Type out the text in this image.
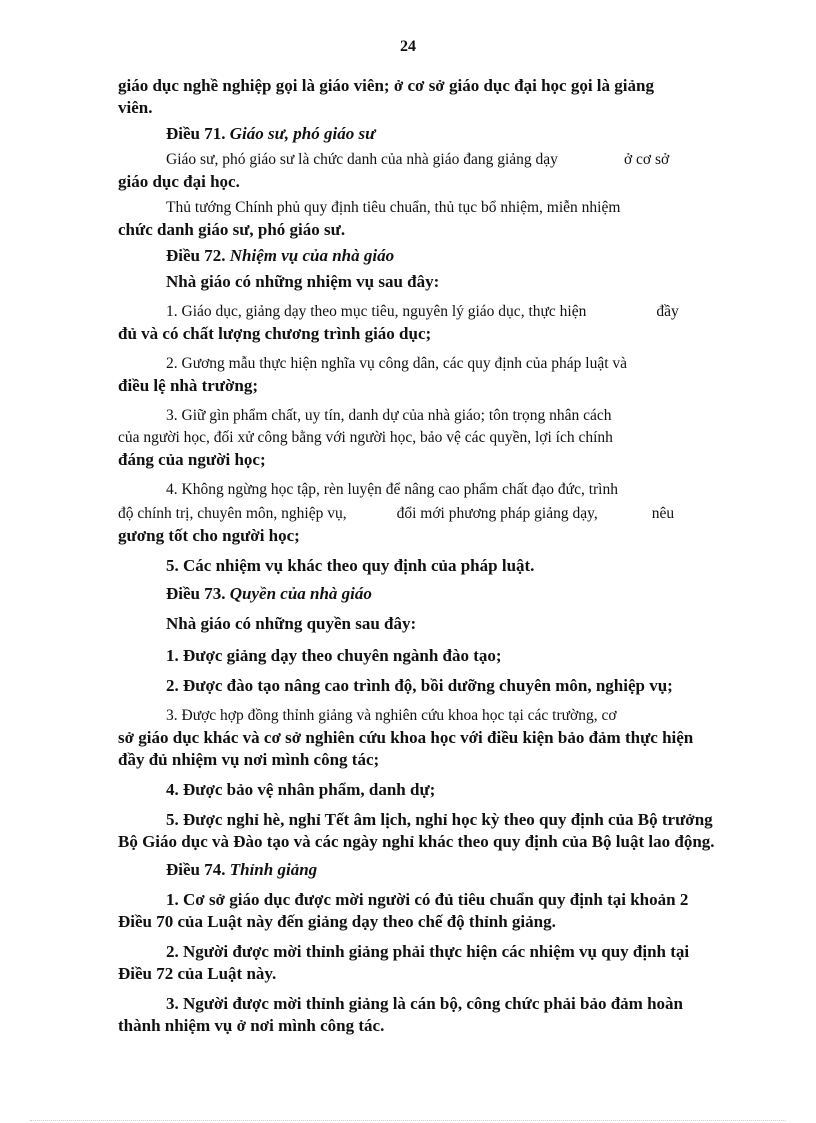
24
giáo dục nghề nghiệp gọi là giáo viên; ở cơ sở giáo dục đại học gọi là giảng
viên.
Điều 71. Giáo sư, phó giáo sư
Giáo sư, phó giáo sư là chức danh của nhà giáo đang giảng dạy	ở cơ sở
giáo dục đại học.
Thủ tướng Chính phủ quy định tiêu chuẩn, thủ tục bổ nhiệm, miễn nhiệm
chức danh giáo sư, phó giáo sư.
Điều 72. Nhiệm vụ của nhà giáo
Nhà giáo có những nhiệm vụ sau đây:
1. Giáo dục, giảng dạy theo mục tiêu, nguyên lý giáo dục, thực hiện	đầy
đủ và có chất lượng chương trình giáo dục;
2. Gương mẫu thực hiện nghĩa vụ công dân, các quy định của pháp luật và
điều lệ nhà trường;
3. Giữ gìn phẩm chất, uy tín, danh dự của nhà giáo; tôn trọng nhân cách
của người học, đối xử công bằng với người học, bảo vệ các quyền, lợi ích chính
đáng của người học;
4. Không ngừng học tập, rèn luyện để nâng cao phẩm chất đạo đức, trình
độ chính trị, chuyên môn, nghiệp vụ,	đổi mới phương pháp giảng dạy,	nêu
gương tốt cho người học;
5. Các nhiệm vụ khác theo quy định của pháp luật.
Điều 73. Quyền của nhà giáo
Nhà giáo có những quyền sau đây:
1. Được giảng dạy theo chuyên ngành đào tạo;
2. Được đào tạo nâng cao trình độ, bồi dưỡng chuyên môn, nghiệp vụ;
3. Được hợp đồng thỉnh giảng và nghiên cứu khoa học tại các trường, cơ
sở giáo dục khác và cơ sở nghiên cứu khoa học với điều kiện bảo đảm thực hiện
đầy đủ nhiệm vụ nơi mình công tác;
4. Được bảo vệ nhân phẩm, danh dự;
5. Được nghỉ hè, nghỉ Tết âm lịch, nghỉ học kỳ theo quy định của Bộ trưởng
Bộ Giáo dục và Đào tạo và các ngày nghỉ khác theo quy định của Bộ luật lao động.
Điều 74. Thỉnh giảng
1. Cơ sở giáo dục được mời người có đủ tiêu chuẩn quy định tại khoản 2
Điều 70 của Luật này đến giảng dạy theo chế độ thỉnh giảng.
2. Người được mời thỉnh giảng phải thực hiện các nhiệm vụ quy định tại
Điều 72 của Luật này.
3. Người được mời thỉnh giảng là cán bộ, công chức phải bảo đảm hoàn
thành nhiệm vụ ở nơi mình công tác.
